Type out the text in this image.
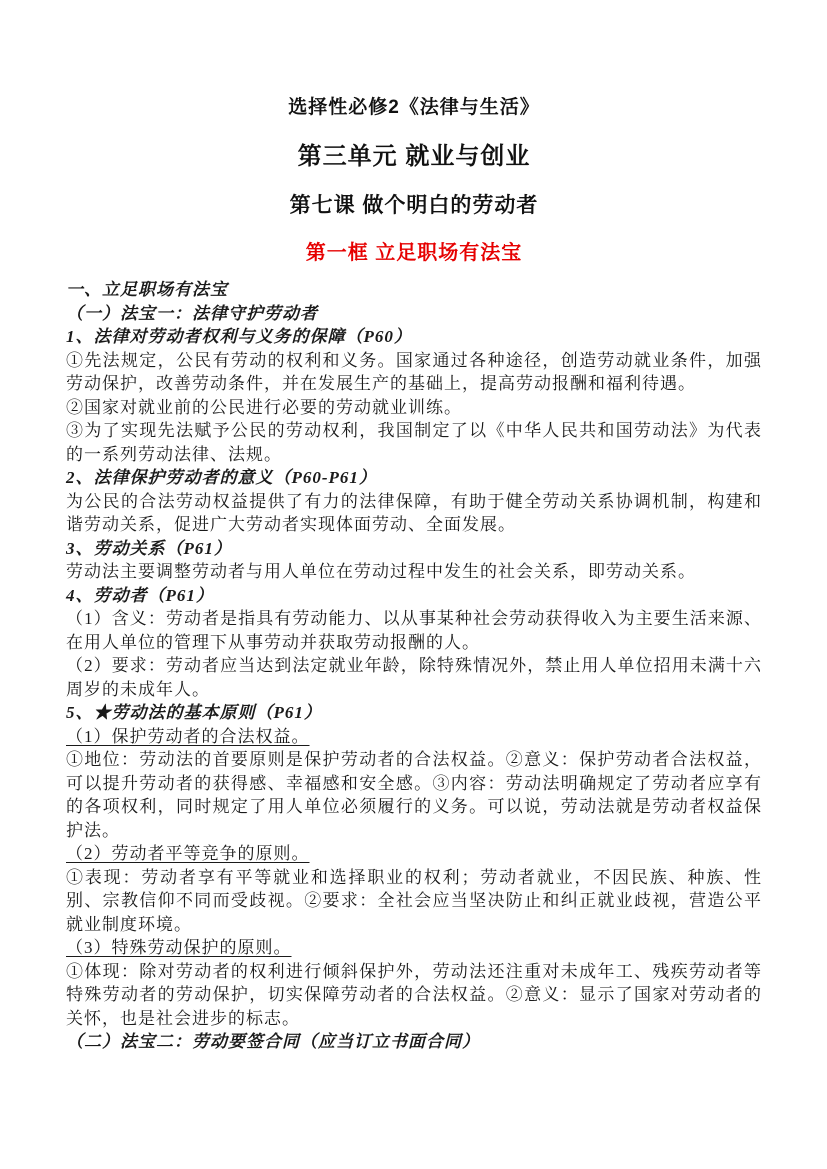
选择性必修2《法律与生活》

第三单元 就业与创业

第七课 做个明白的劳动者

第一框 立足职场有法宝

一、立足职场有法宝

（一）法宝一：法律守护劳动者

1、法律对劳动者权利与义务的保障（P60）

①先法规定，公民有劳动的权利和义务。国家通过各种途径，创造劳动就业条件，加强劳动保护，改善劳动条件，并在发展生产的基础上，提高劳动报酬和福利待遇。

②国家对就业前的公民进行必要的劳动就业训练。

③为了实现先法赋予公民的劳动权利，我国制定了以《中华人民共和国劳动法》为代表的一系列劳动法律、法规。

2、法律保护劳动者的意义（P60-P61）

为公民的合法劳动权益提供了有力的法律保障，有助于健全劳动关系协调机制，构建和谐劳动关系，促进广大劳动者实现体面劳动、全面发展。

3、劳动关系（P61）

劳动法主要调整劳动者与用人单位在劳动过程中发生的社会关系，即劳动关系。

4、劳动者（P61）

（1）含义：劳动者是指具有劳动能力、以从事某种社会劳动获得收入为主要生活来源、在用人单位的管理下从事劳动并获取劳动报酬的人。

（2）要求：劳动者应当达到法定就业年龄，除特殊情况外，禁止用人单位招用未满十六周岁的未成年人。

5、★劳动法的基本原则（P61）

（1）保护劳动者的合法权益。

①地位：劳动法的首要原则是保护劳动者的合法权益。②意义：保护劳动者合法权益，可以提升劳动者的获得感、幸福感和安全感。③内容：劳动法明确规定了劳动者应享有的各项权利，同时规定了用人单位必须履行的义务。可以说，劳动法就是劳动者权益保护法。

（2）劳动者平等竞争的原则。

①表现：劳动者享有平等就业和选择职业的权利；劳动者就业，不因民族、种族、性别、宗教信仰不同而受歧视。②要求：全社会应当坚决防止和纠正就业歧视，营造公平就业制度环境。

（3）特殊劳动保护的原则。

①体现：除对劳动者的权利进行倾斜保护外，劳动法还注重对未成年工、残疾劳动者等特殊劳动者的劳动保护，切实保障劳动者的合法权益。②意义：显示了国家对劳动者的关怀，也是社会进步的标志。

（二）法宝二：劳动要签合同（应当订立书面合同）
